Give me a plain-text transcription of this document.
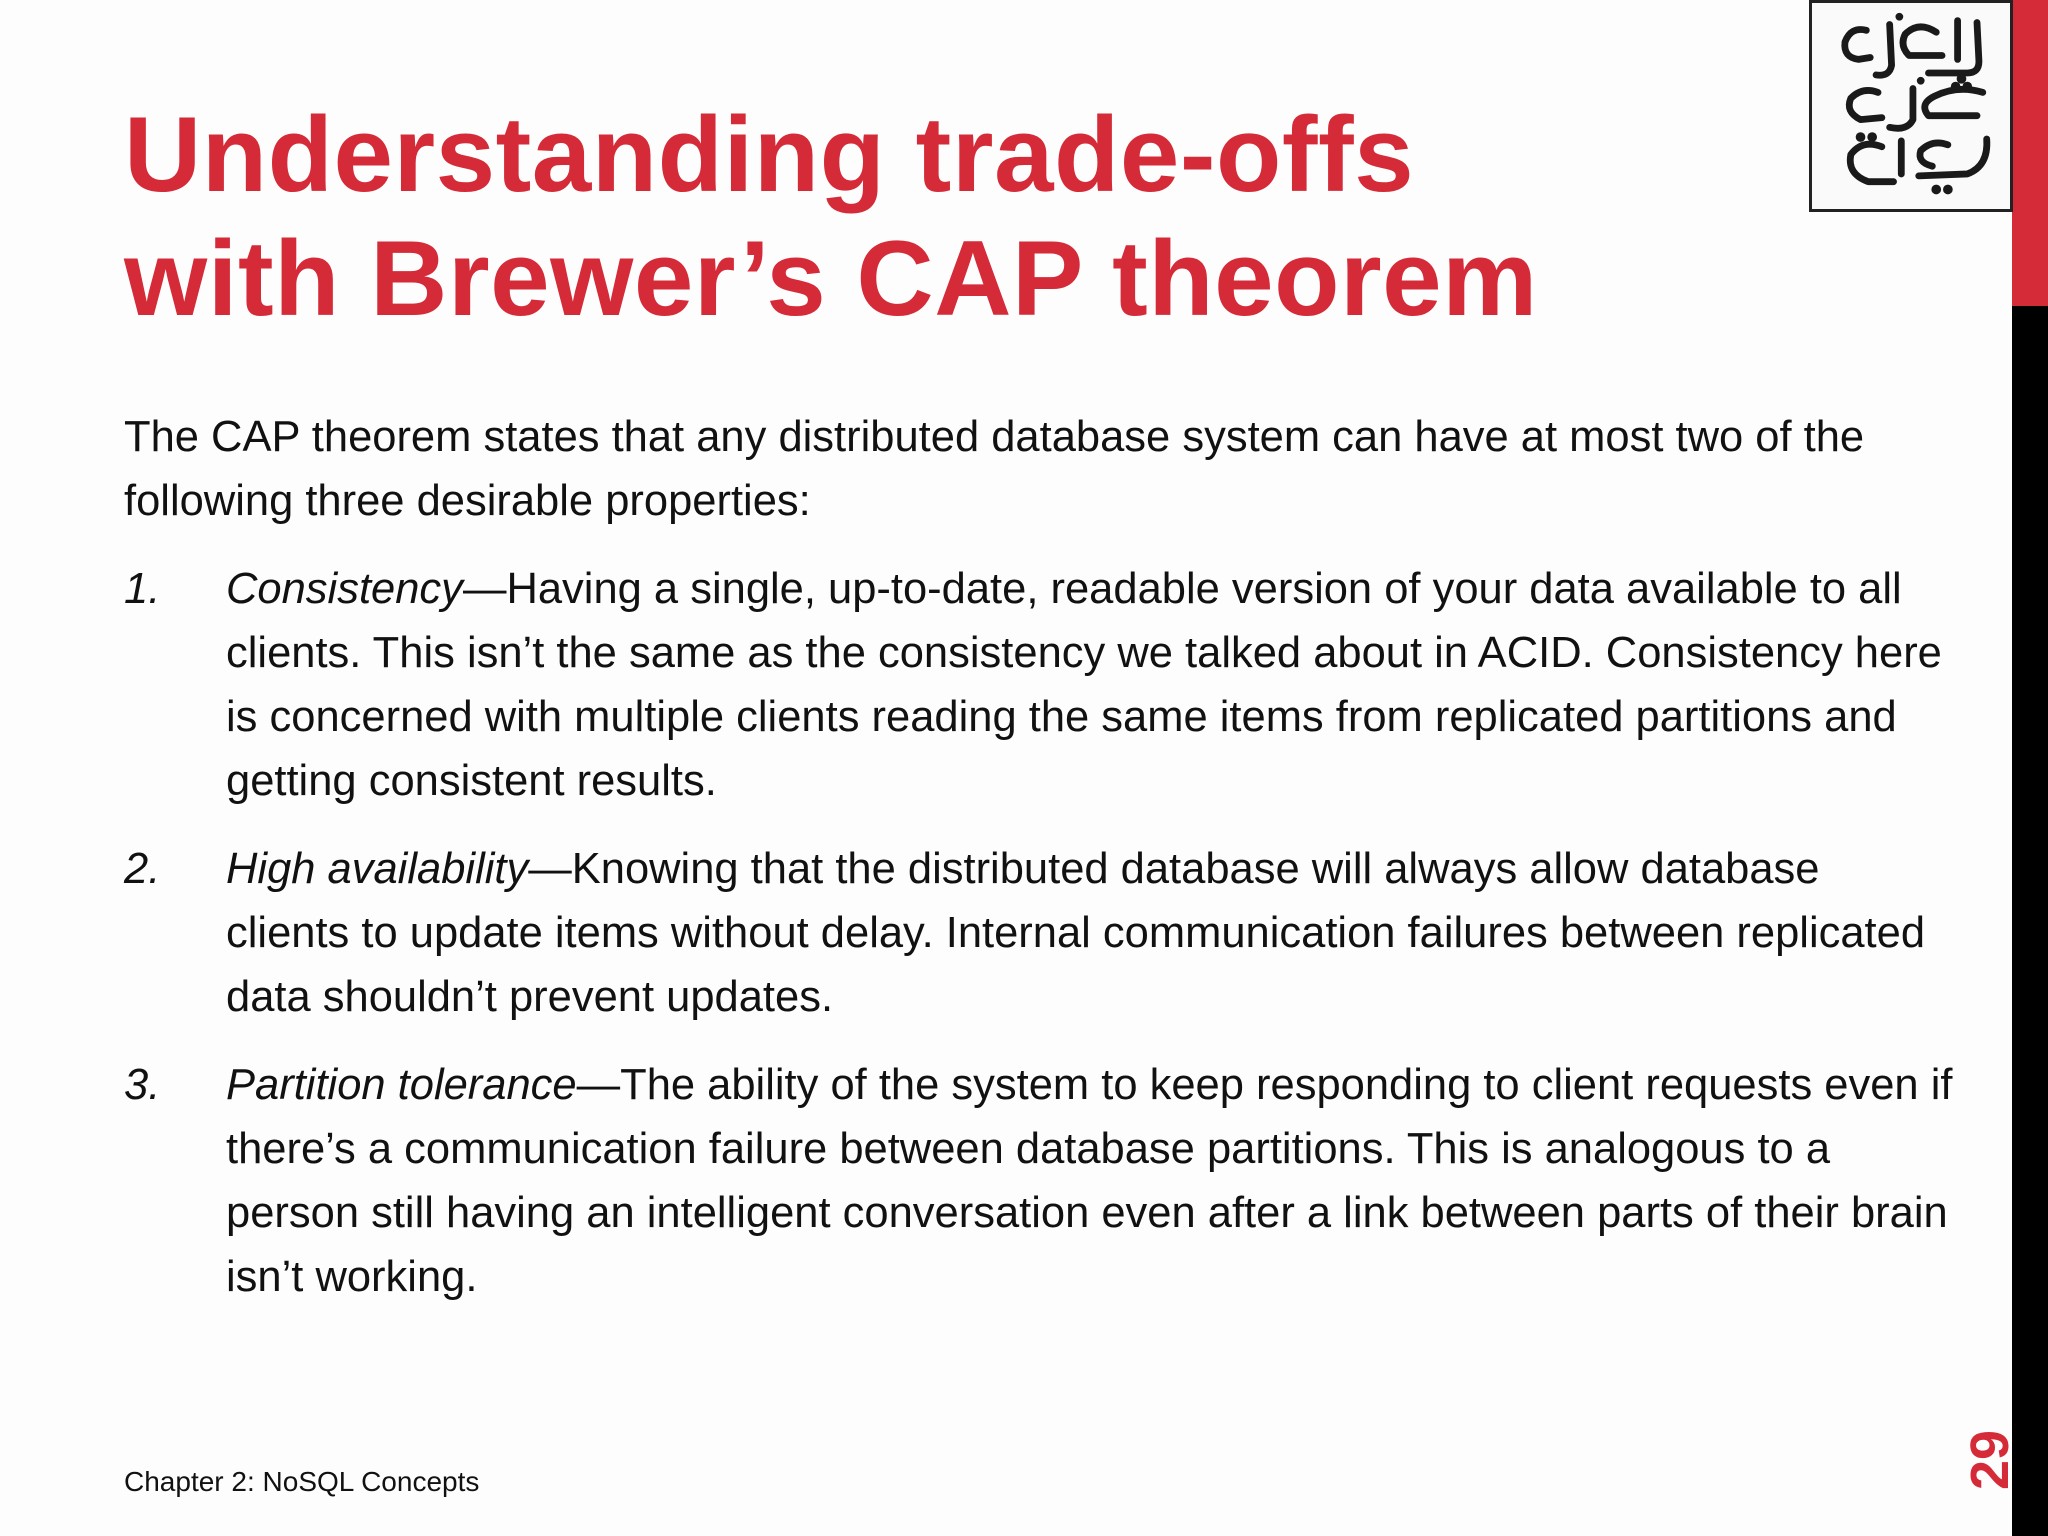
Understanding trade-offs
with Brewer’s CAP theorem

The CAP theorem states that any distributed database system can have at most two of the following three desirable properties:

1. Consistency—Having a single, up-to-date, readable version of your data available to all clients. This isn’t the same as the consistency we talked about in ACID. Consistency here is concerned with multiple clients reading the same items from replicated partitions and getting consistent results.

2. High availability—Knowing that the distributed database will always allow database clients to update items without delay. Internal communication failures between replicated data shouldn’t prevent updates.

3. Partition tolerance—The ability of the system to keep responding to client requests even if there’s a communication failure between database partitions. This is analogous to a person still having an intelligent conversation even after a link between parts of their brain isn’t working.

Chapter 2: NoSQL Concepts	29
